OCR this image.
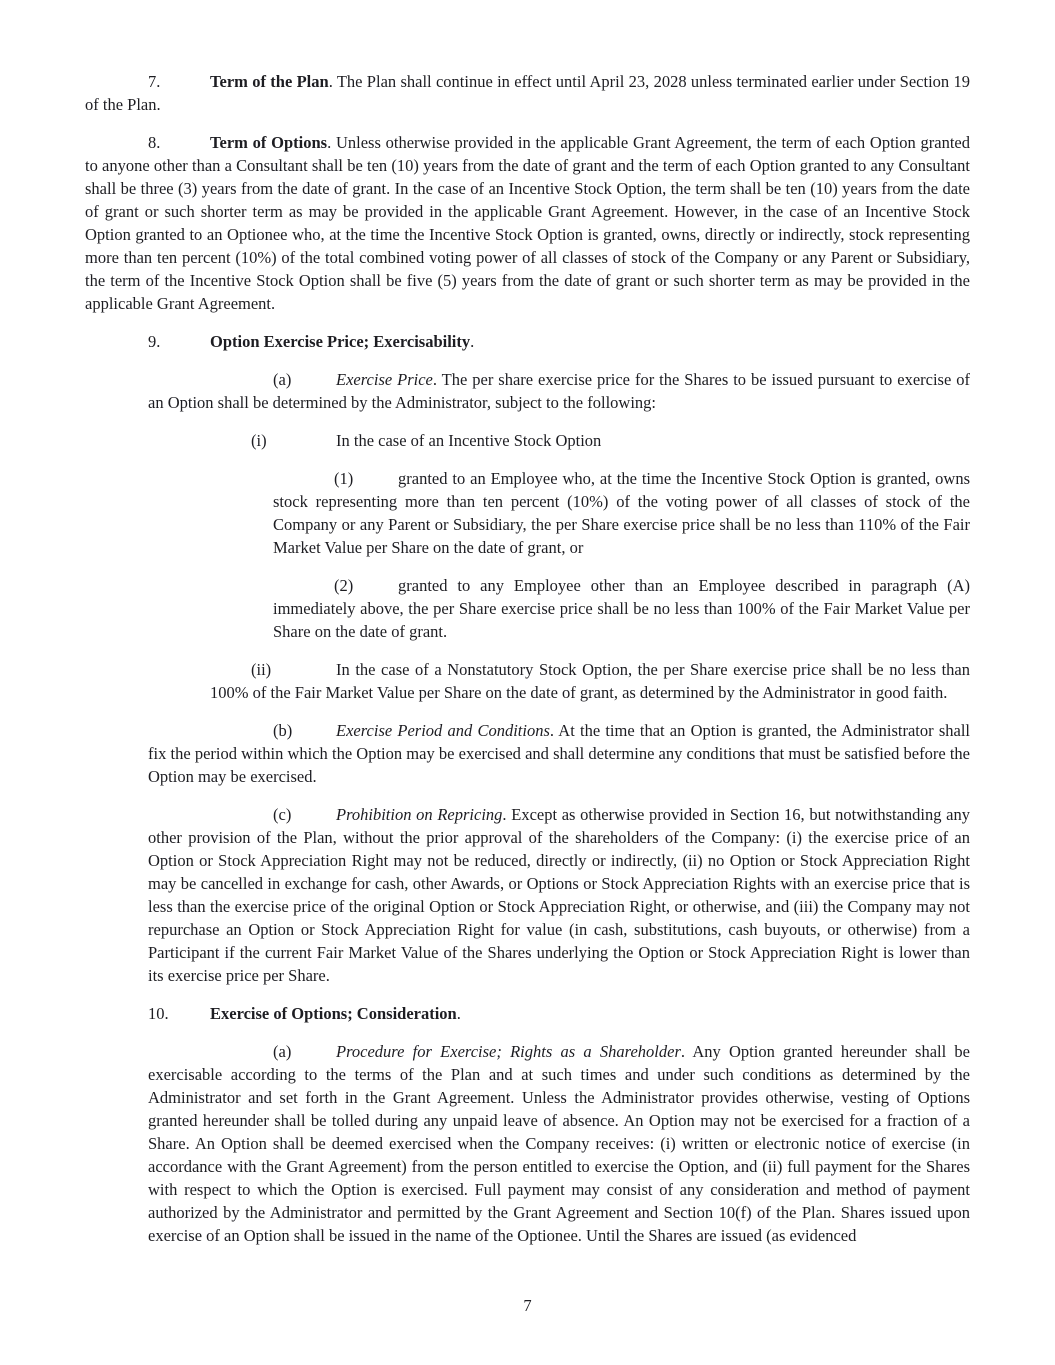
7.	Term of the Plan. The Plan shall continue in effect until April 23, 2028 unless terminated earlier under Section 19 of the Plan.

8.	Term of Options. Unless otherwise provided in the applicable Grant Agreement, the term of each Option granted to anyone other than a Consultant shall be ten (10) years from the date of grant and the term of each Option granted to any Consultant shall be three (3) years from the date of grant. In the case of an Incentive Stock Option, the term shall be ten (10) years from the date of grant or such shorter term as may be provided in the applicable Grant Agreement. However, in the case of an Incentive Stock Option granted to an Optionee who, at the time the Incentive Stock Option is granted, owns, directly or indirectly, stock representing more than ten percent (10%) of the total combined voting power of all classes of stock of the Company or any Parent or Subsidiary, the term of the Incentive Stock Option shall be five (5) years from the date of grant or such shorter term as may be provided in the applicable Grant Agreement.

9.	Option Exercise Price; Exercisability.

(a)	Exercise Price. The per share exercise price for the Shares to be issued pursuant to exercise of an Option shall be determined by the Administrator, subject to the following:

(i)	In the case of an Incentive Stock Option

(1)	granted to an Employee who, at the time the Incentive Stock Option is granted, owns stock representing more than ten percent (10%) of the voting power of all classes of stock of the Company or any Parent or Subsidiary, the per Share exercise price shall be no less than 110% of the Fair Market Value per Share on the date of grant, or

(2)	granted to any Employee other than an Employee described in paragraph (A) immediately above, the per Share exercise price shall be no less than 100% of the Fair Market Value per Share on the date of grant.

(ii)	In the case of a Nonstatutory Stock Option, the per Share exercise price shall be no less than 100% of the Fair Market Value per Share on the date of grant, as determined by the Administrator in good faith.

(b)	Exercise Period and Conditions. At the time that an Option is granted, the Administrator shall fix the period within which the Option may be exercised and shall determine any conditions that must be satisfied before the Option may be exercised.

(c)	Prohibition on Repricing. Except as otherwise provided in Section 16, but notwithstanding any other provision of the Plan, without the prior approval of the shareholders of the Company: (i) the exercise price of an Option or Stock Appreciation Right may not be reduced, directly or indirectly, (ii) no Option or Stock Appreciation Right may be cancelled in exchange for cash, other Awards, or Options or Stock Appreciation Rights with an exercise price that is less than the exercise price of the original Option or Stock Appreciation Right, or otherwise, and (iii) the Company may not repurchase an Option or Stock Appreciation Right for value (in cash, substitutions, cash buyouts, or otherwise) from a Participant if the current Fair Market Value of the Shares underlying the Option or Stock Appreciation Right is lower than its exercise price per Share.

10.	Exercise of Options; Consideration.

(a)	Procedure for Exercise; Rights as a Shareholder. Any Option granted hereunder shall be exercisable according to the terms of the Plan and at such times and under such conditions as determined by the Administrator and set forth in the Grant Agreement. Unless the Administrator provides otherwise, vesting of Options granted hereunder shall be tolled during any unpaid leave of absence. An Option may not be exercised for a fraction of a Share. An Option shall be deemed exercised when the Company receives: (i) written or electronic notice of exercise (in accordance with the Grant Agreement) from the person entitled to exercise the Option, and (ii) full payment for the Shares with respect to which the Option is exercised. Full payment may consist of any consideration and method of payment authorized by the Administrator and permitted by the Grant Agreement and Section 10(f) of the Plan. Shares issued upon exercise of an Option shall be issued in the name of the Optionee. Until the Shares are issued (as evidenced

7
